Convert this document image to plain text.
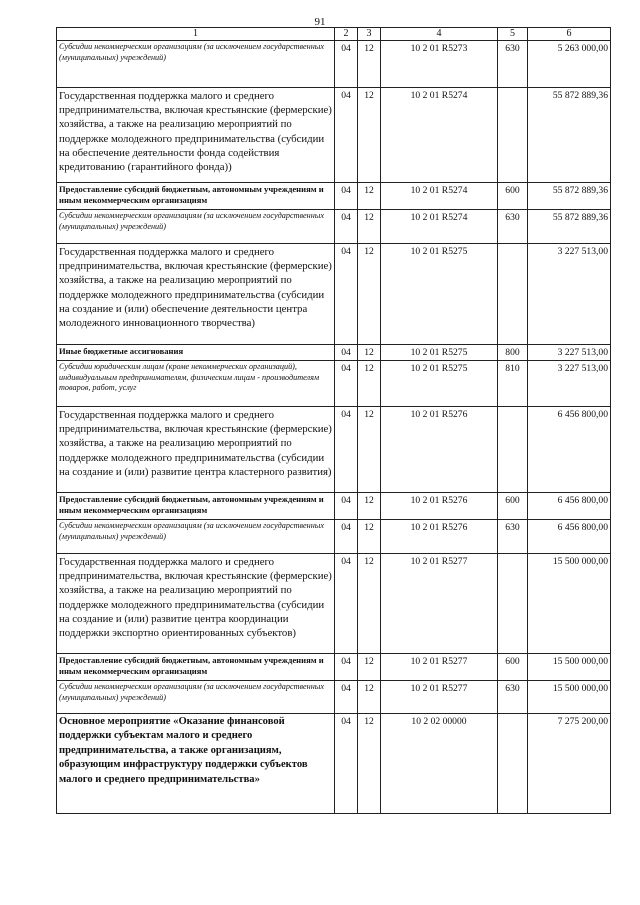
91
1	2	3	4	5	6
Субсидии некоммерческим организациям (за исключением государственных (муниципальных) учреждений)	04	12	10 2 01 R5273	630	5 263 000,00
Государственная поддержка малого и среднего предпринимательства, включая крестьянские (фермерские) хозяйства, а также на реализацию мероприятий по поддержке молодежного предпринимательства (субсидии на обеспечение деятельности фонда содействия кредитованию (гарантийного фонда))	04	12	10 2 01 R5274		55 872 889,36
Предоставление субсидий бюджетным, автономным учреждениям и иным некоммерческим организациям	04	12	10 2 01 R5274	600	55 872 889,36
Субсидии некоммерческим организациям (за исключением государственных (муниципальных) учреждений)	04	12	10 2 01 R5274	630	55 872 889,36
Государственная поддержка малого и среднего предпринимательства, включая крестьянские (фермерские) хозяйства, а также на реализацию мероприятий по поддержке молодежного предпринимательства (субсидии на создание и (или) обеспечение деятельности центра молодежного инновационного творчества)	04	12	10 2 01 R5275		3 227 513,00
Иные бюджетные ассигнования	04	12	10 2 01 R5275	800	3 227 513,00
Субсидии юридическим лицам (кроме некоммерческих организаций), индивидуальным предпринимателям, физическим лицам - производителям товаров, работ, услуг	04	12	10 2 01 R5275	810	3 227 513,00
Государственная поддержка малого и среднего предпринимательства, включая крестьянские (фермерские) хозяйства, а также на реализацию мероприятий по поддержке молодежного предпринимательства (субсидии на создание и (или) развитие центра кластерного развития)	04	12	10 2 01 R5276		6 456 800,00
Предоставление субсидий бюджетным, автономным учреждениям и иным некоммерческим организациям	04	12	10 2 01 R5276	600	6 456 800,00
Субсидии некоммерческим организациям (за исключением государственных (муниципальных) учреждений)	04	12	10 2 01 R5276	630	6 456 800,00
Государственная поддержка малого и среднего предпринимательства, включая крестьянские (фермерские) хозяйства, а также на реализацию мероприятий по поддержке молодежного предпринимательства (субсидии на создание и (или) развитие центра координации поддержки экспортно ориентированных субъектов)	04	12	10 2 01 R5277		15 500 000,00
Предоставление субсидий бюджетным, автономным учреждениям и иным некоммерческим организациям	04	12	10 2 01 R5277	600	15 500 000,00
Субсидии некоммерческим организациям (за исключением государственных (муниципальных) учреждений)	04	12	10 2 01 R5277	630	15 500 000,00
Основное мероприятие «Оказание финансовой поддержки субъектам малого и среднего предпринимательства, а также организациям, образующим инфраструктуру поддержки субъектов малого и среднего предпринимательства»	04	12	10 2 02 00000		7 275 200,00
